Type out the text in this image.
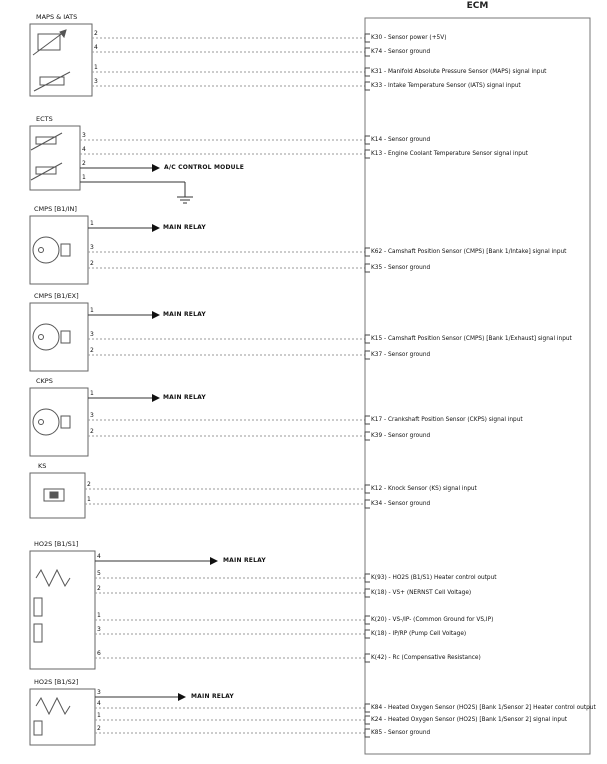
ECM
MAPS & IATS
ECTS
CMPS [B1/IN]
CMPS [B1/EX]
CKPS
KS
HO2S [B1/S1]
HO2S [B1/S2]
2
4
1
3
3
4
2
1
1
3
2
1
3
2
1
3
2
2
1
4
5
2
1
3
6
3
4
1
2
MAIN RELAY
MAIN RELAY
MAIN RELAY
MAIN RELAY
MAIN RELAY
A/C CONTROL MODULE
K30 - Sensor power (+5V)
K74 - Sensor ground
K31 - Manifold Absolute Pressure Sensor (MAPS) signal input
K33 - Intake Temperature Sensor (IATS) signal input
K14 - Sensor ground
K13 - Engine Coolant Temperature Sensor signal input
K62 - Camshaft Position Sensor (CMPS) [Bank 1/Intake] signal input
K35 - Sensor ground
K15 - Camshaft Position Sensor (CMPS) [Bank 1/Exhaust] signal input
K37 - Sensor ground
K17 - Crankshaft Position Sensor (CKPS) signal input
K39 - Sensor ground
K12 - Knock Sensor (KS) signal input
K34 - Sensor ground
K(93) - HO2S (B1/S1) Heater control output
K(18) - VS+ (NERNST Cell Voltage)
K(20) - VS-/IP- (Common Ground for VS,IP)
K(18) - IP/RP (Pump Cell Voltage)
K(42) - Rc (Compensative Resistance)
K84 - Heated Oxygen Sensor (HO2S) [Bank 1/Sensor 2] Heater control output
K24 - Heated Oxygen Sensor (HO2S) [Bank 1/Sensor 2] signal input
K85 - Sensor ground
